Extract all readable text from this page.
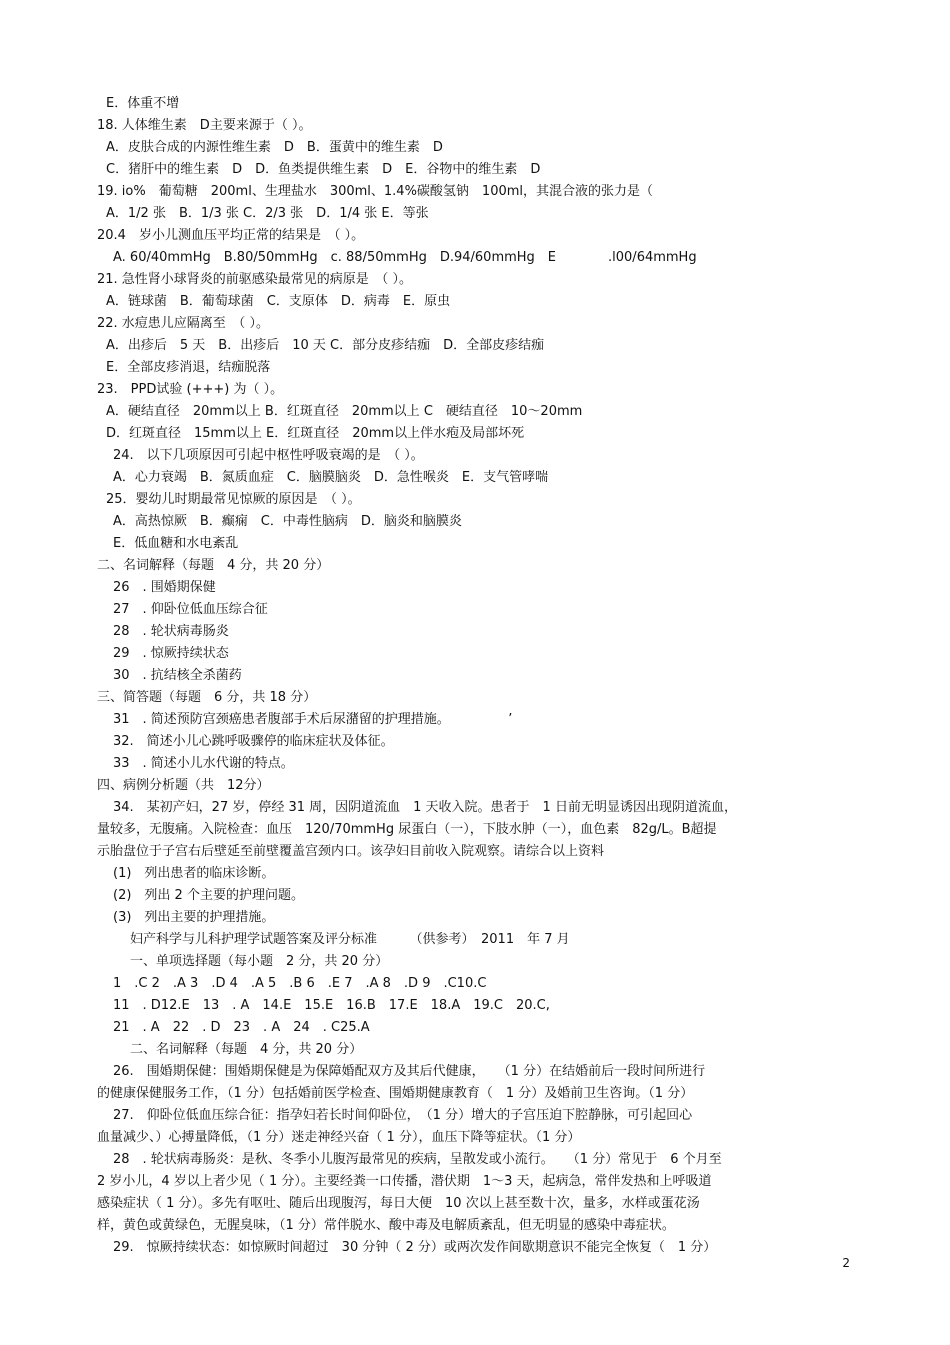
E．体重不增
18. 人体维生素　D主要来源于（ ）。
A．皮肤合成的内源性维生素　D　B．蛋黄中的维生素　D
C．猪肝中的维生素　D　D．鱼类提供维生素　D　E．谷物中的维生素　D
19. io%　葡萄糖　200ml、生理盐水　300ml、1.4%碳酸氢钠　100ml，其混合液的张力是（
A．1/2 张　B．1/3 张 C．2/3 张　D．1/4 张 E．等张
20.4　岁小儿测血压平均正常的结果是　（ ）。
A. 60/40mmHg　B.80/50mmHg　c. 88/50mmHg　D.94/60mmHg　E　　　　.l00/64mmHg
21. 急性肾小球肾炎的前驱感染最常见的病原是　（ ）。
A．链球菌　B．葡萄球菌　C．支原体　D．病毒　E．原虫
22. 水痘患儿应隔离至　（ ）。
A．出疹后　5 天　B．出疹后　10 天 C．部分皮疹结痂　D．全部皮疹结痂
E．全部皮疹消退，结痂脱落
23.　PPD试验 (+++) 为（ ）。
A．硬结直径　20mm以上 B．红斑直径　20mm以上 C　硬结直径　10～20mm
D．红斑直径　15mm以上 E．红斑直径　20mm以上伴水疱及局部坏死
24.　以下几项原因可引起中枢性呼吸衰竭的是　（ ）。
A．心力衰竭　B．氮质血症　C．脑膜脑炎　D．急性喉炎　E．支气管哮喘
25．婴幼儿时期最常见惊厥的原因是　（ ）。
A．高热惊厥　B．癫痫　C．中毒性脑病　D．脑炎和脑膜炎
E．低血糖和水电紊乱
二、名词解释（每题　4 分，共 20 分）
26　. 围婚期保健
27　. 仰卧位低血压综合征
28　. 轮状病毒肠炎
29　. 惊厥持续状态
30　. 抗结核全杀菌药
三、简答题（每题　6 分，共 18 分）
31　. 简述预防宫颈癌患者腹部手术后尿潴留的护理措施。　　　　　’
32.　简述小儿心跳呼吸骤停的临床症状及体征。
33　. 简述小儿水代谢的特点。
四、病例分析题（共　12分）
34.　某初产妇，27 岁，停经 31 周，因阴道流血　1 天收入院。患者于　1 日前无明显诱因出现阴道流血，
量较多，无腹痛。入院检查：血压　120/70mmHg 尿蛋白（一），下肢水肿（一），血色素　82g/L。B超提
示胎盘位于子宫右后壁延至前壁覆盖宫颈内口。该孕妇目前收入院观察。请综合以上资料
(1)　列出患者的临床诊断。
(2)　列出 2 个主要的护理问题。
(3)　列出主要的护理措施。
妇产科学与儿科护理学试题答案及评分标准　　　（供参考）　2011　年 7 月
一、单项选择题（每小题　2 分，共 20 分）
1　.C 2　.A 3　.D 4　.A 5　.B 6　.E 7　.A 8　.D 9　.C10.C
11　. D12.E　13　. A　14.E　15.E　16.B　17.E　18.A　19.C　20.C,
21　. A　22　. D　23　. A　24　. C25.A
二、名词解释（每题　4 分，共 20 分）
26.　围婚期保健：围婚期保健是为保障婚配双方及其后代健康，　　（1 分）在结婚前后一段时间所进行
的健康保健服务工作，（1 分）包括婚前医学检查、围婚期健康教育（　1 分）及婚前卫生咨询。（1 分）
27.　仰卧位低血压综合征：指孕妇若长时间仰卧位，　（1 分）增大的子宫压迫下腔静脉，可引起回心
血量减少、）心搏量降低，（1 分）迷走神经兴奋（ 1 分），血压下降等症状。（1 分）
28　. 轮状病毒肠炎：是秋、冬季小儿腹泻最常见的疾病，呈散发或小流行。　　（1 分）常见于　6 个月至
2 岁小儿，4 岁以上者少见（ 1 分）。主要经粪一口传播，潜伏期　1～3 天，起病急，常伴发热和上呼吸道
感染症状（ 1 分）。多先有呕吐、随后出现腹泻，每日大便　10 次以上甚至数十次，量多，水样或蛋花汤
样，黄色或黄绿色，无腥臭味，（1 分）常伴脱水、酸中毒及电解质紊乱，但无明显的感染中毒症状。
29.　惊厥持续状态：如惊厥时间超过　30 分钟（ 2 分）或两次发作间歇期意识不能完全恢复（　1 分）
2
